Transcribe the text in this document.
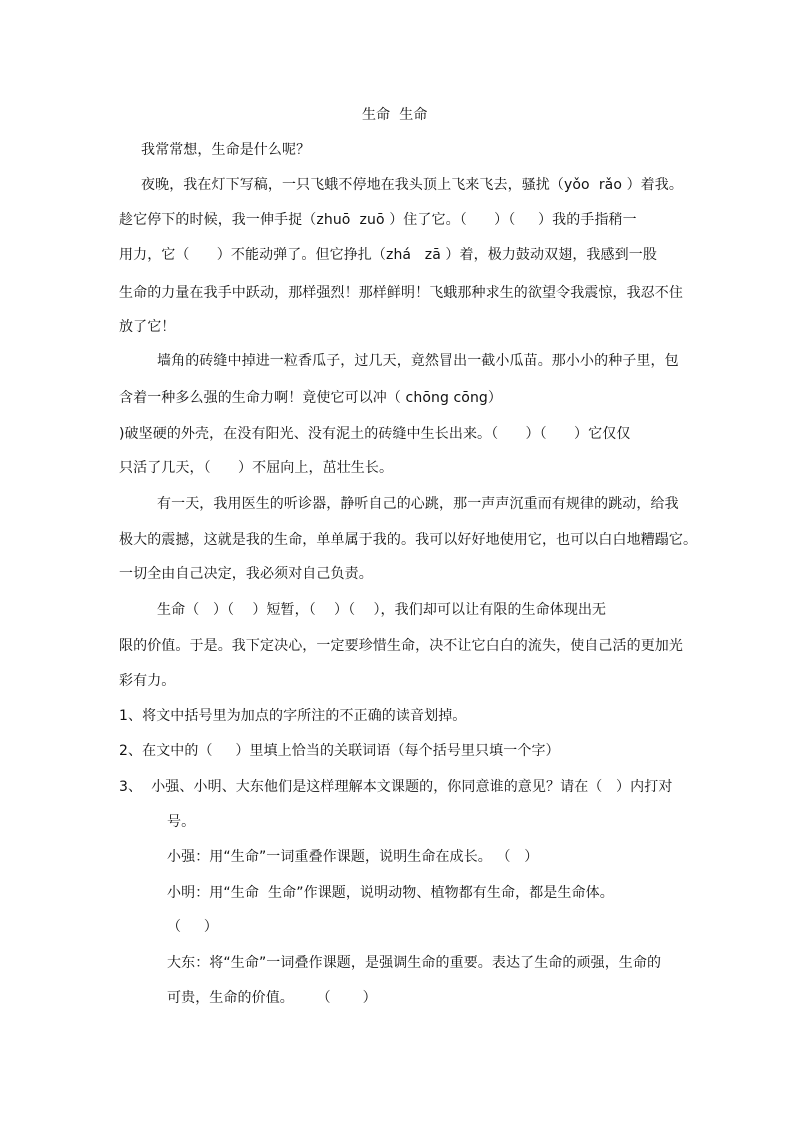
生命  生命
我常常想，生命是什么呢？
夜晚，我在灯下写稿，一只飞蛾不停地在我头顶上飞来飞去，骚扰（yǒo  rǎo ）着我。
趁它停下的时候，我一伸手捉（zhuō  zuō ）住了它。（      ）（     ）我的手指稍一
用力，它（      ）不能动弹了。但它挣扎（zhá   zā ）着，极力鼓动双翅，我感到一股
生命的力量在我手中跃动，那样强烈！那样鲜明！飞蛾那种求生的欲望令我震惊，我忍不住
放了它！
墙角的砖缝中掉进一粒香瓜子，过几天，竟然冒出一截小瓜苗。那小小的种子里，包
含着一种多么强的生命力啊！竟使它可以冲（ chōng cōng）
)破坚硬的外壳，在没有阳光、没有泥土的砖缝中生长出来。（      ）（      ）它仅仅
只活了几天，（      ）不屈向上，茁壮生长。
有一天，我用医生的听诊器，静听自己的心跳，那一声声沉重而有规律的跳动，给我
极大的震撼，这就是我的生命，单单属于我的。我可以好好地使用它，也可以白白地糟蹋它。
一切全由自己决定，我必须对自己负责。
生命（   ）（    ）短暂，（    ）（    ），我们却可以让有限的生命体现出无
限的价值。于是。我下定决心，一定要珍惜生命，决不让它白白的流失，使自己活的更加光
彩有力。
1、将文中括号里为加点的字所注的不正确的读音划掉。
2、在文中的（     ）里填上恰当的关联词语（每个括号里只填一个字）
3、  小强、小明、大东他们是这样理解本文课题的，你同意谁的意见？请在（   ）内打对
号。
小强：用“生命”一词重叠作课题，说明生命在成长。 （   ）
小明：用“生命  生命”作课题，说明动物、植物都有生命，都是生命体。
（     ）
大东：将“生命”一词叠作课题，是强调生命的重要。表达了生命的顽强，生命的
可贵，生命的价值。     （       ）
